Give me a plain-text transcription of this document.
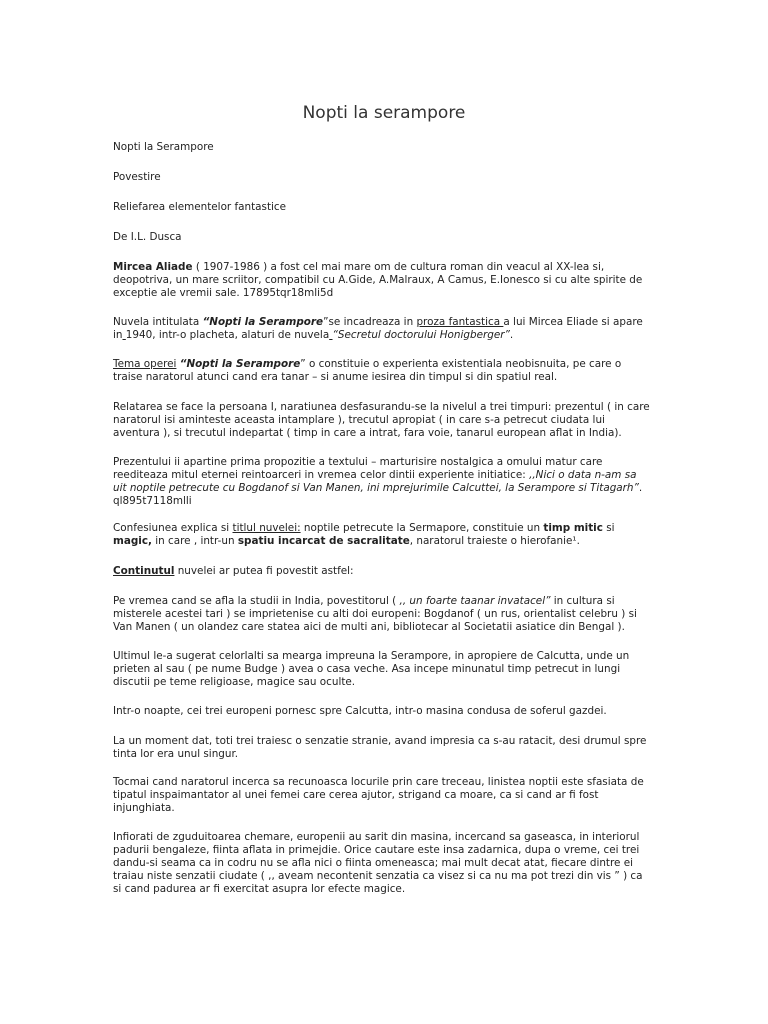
Nopti la serampore

Nopti la Serampore

Povestire

Reliefarea elementelor fantastice

De I.L. Dusca

Mircea Aliade ( 1907-1986 ) a fost cel mai mare om de cultura roman din veacul al XX-lea si, deopotriva, un mare scriitor, compatibil cu A.Gide, A.Malraux, A Camus, E.Ionesco si cu alte spirite de exceptie ale vremii sale. 17895tqr18mli5d

Nuvela intitulata “Nopti la Serampore”se incadreaza in proza fantastica a lui Mircea Eliade si apare in 1940, intr-o placheta, alaturi de nuvela “Secretul doctorului Honigberger”.

Tema operei “Nopti la Serampore” o constituie o experienta existentiala neobisnuita, pe care o traise naratorul atunci cand era tanar – si anume iesirea din timpul si din spatiul real.

Relatarea se face la persoana I, naratiunea desfasurandu-se la nivelul a trei timpuri: prezentul ( in care naratorul isi aminteste aceasta intamplare ), trecutul apropiat ( in care s-a petrecut ciudata lui aventura ), si trecutul indepartat ( timp in care a intrat, fara voie, tanarul european aflat in India).

Prezentului ii apartine prima propozitie a textului – marturisire nostalgica a omului matur care reediteaza mitul eternei reintoarceri in vremea celor dintii experiente initiatice: ,,Nici o data n-am sa uit noptile petrecute cu Bogdanof si Van Manen, ini mprejurimile Calcuttei, la Serampore si Titagarh”. ql895t7118mlli

Confesiunea explica si titlul nuvelei: noptile petrecute la Sermapore, constituie un timp mitic si magic, in care , intr-un spatiu incarcat de sacralitate, naratorul traieste o hierofanie¹.

Continutul nuvelei ar putea fi povestit astfel:

Pe vremea cand se afla la studii in India, povestitorul ( ,, un foarte taanar invatacel” in cultura si misterele acestei tari ) se imprietenise cu alti doi europeni: Bogdanof ( un rus, orientalist celebru ) si Van Manen ( un olandez care statea aici de multi ani, bibliotecar al Societatii asiatice din Bengal ).

Ultimul le-a sugerat celorlalti sa mearga impreuna la Serampore, in apropiere de Calcutta, unde un prieten al sau ( pe nume Budge ) avea o casa veche. Asa incepe minunatul timp petrecut in lungi discutii pe teme religioase, magice sau oculte.

Intr-o noapte, cei trei europeni pornesc spre Calcutta, intr-o masina condusa de soferul gazdei.

La un moment dat, toti trei traiesc o senzatie stranie, avand impresia ca s-au ratacit, desi drumul spre tinta lor era unul singur.

Tocmai cand naratorul incerca sa recunoasca locurile prin care treceau, linistea noptii este sfasiata de tipatul inspaimantator al unei femei care cerea ajutor, strigand ca moare, ca si cand ar fi fost injunghiata.

Infiorati de zguduitoarea chemare, europenii au sarit din masina, incercand sa gaseasca, in interiorul padurii bengaleze, fiinta aflata in primejdie. Orice cautare este insa zadarnica, dupa o vreme, cei trei dandu-si seama ca in codru nu se afla nici o fiinta omeneasca; mai mult decat atat, fiecare dintre ei traiau niste senzatii ciudate ( ,, aveam necontenit senzatia ca visez si ca nu ma pot trezi din vis ” ) ca si cand padurea ar fi exercitat asupra lor efecte magice.
